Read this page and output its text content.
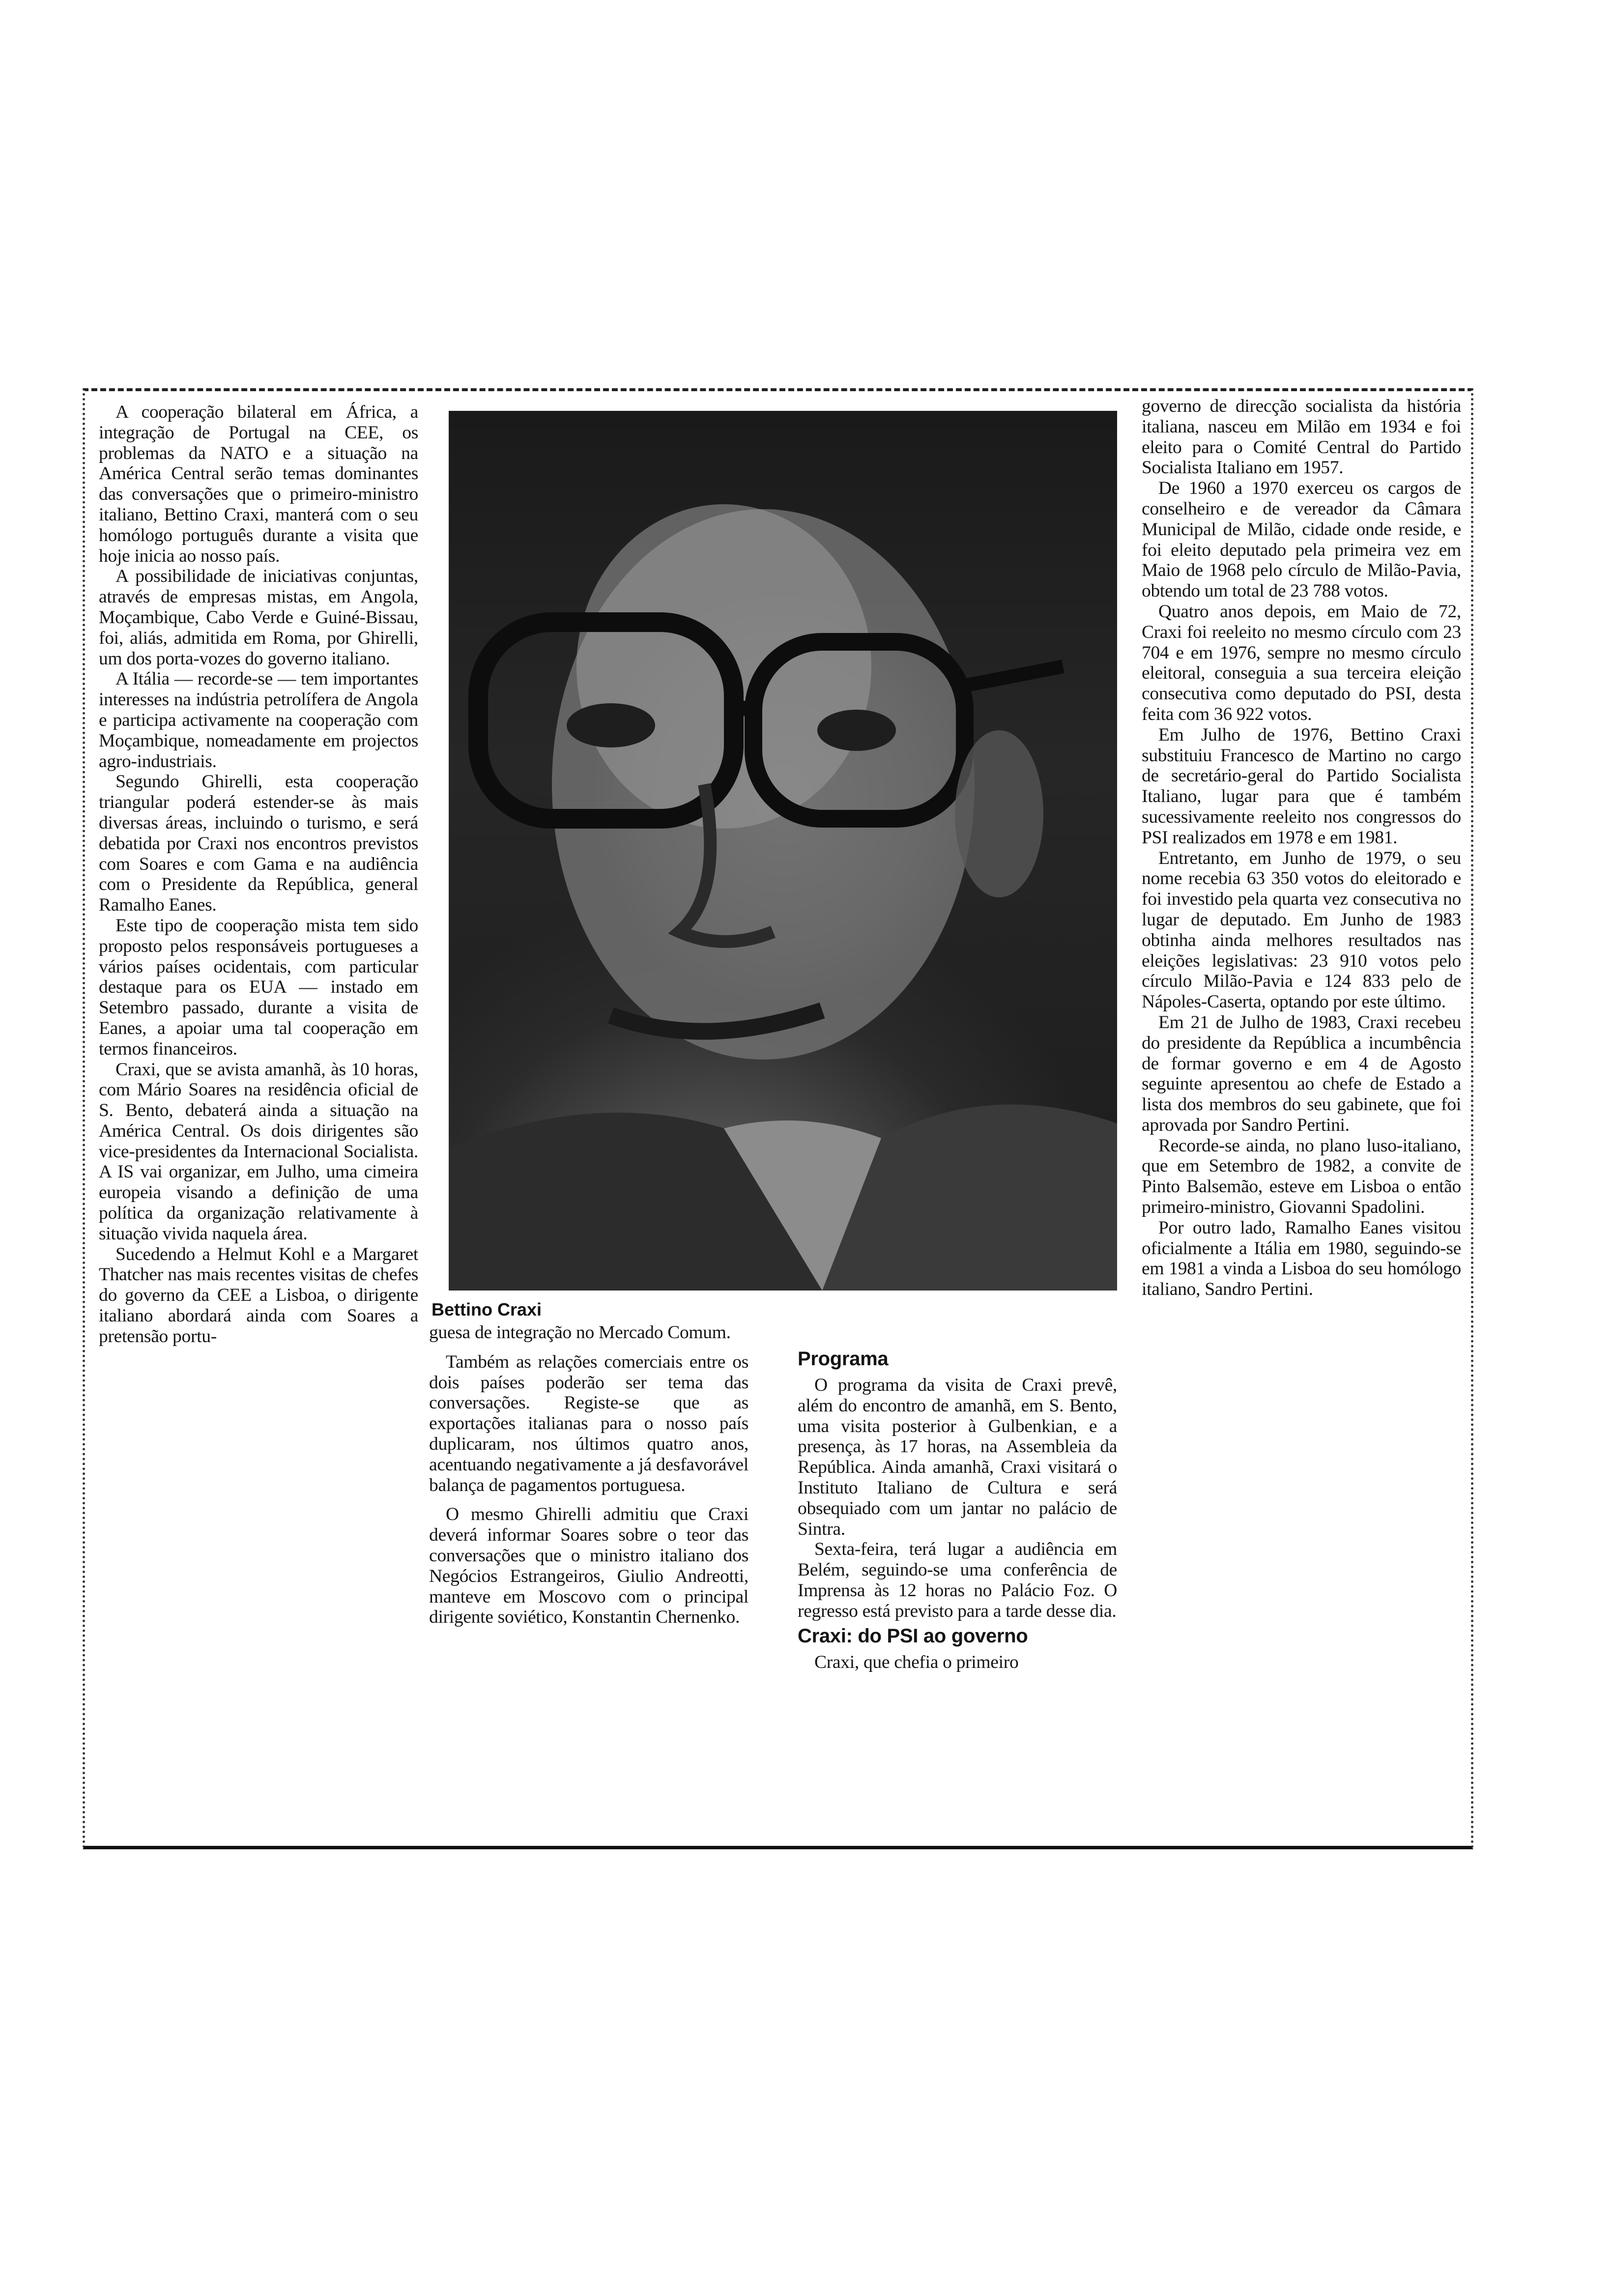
A cooperação bilateral em África, a integração de Portugal na CEE, os problemas da NATO e a situação na América Central serão temas dominantes das conversações que o primeiro-ministro italiano, Bettino Craxi, manterá com o seu homólogo português durante a visita que hoje inicia ao nosso país.

A possibilidade de iniciativas conjuntas, através de empresas mistas, em Angola, Moçambique, Cabo Verde e Guiné-Bissau, foi, aliás, admitida em Roma, por Ghirelli, um dos porta-vozes do governo italiano.

A Itália — recorde-se — tem importantes interesses na indústria petrolífera de Angola e participa activamente na cooperação com Moçambique, nomeadamente em projectos agro-industriais.

Segundo Ghirelli, esta cooperação triangular poderá estender-se às mais diversas áreas, incluindo o turismo, e será debatida por Craxi nos encontros previstos com Soares e com Gama e na audiência com o Presidente da República, general Ramalho Eanes.

Este tipo de cooperação mista tem sido proposto pelos responsáveis portugueses a vários países ocidentais, com particular destaque para os EUA — instado em Setembro passado, durante a visita de Eanes, a apoiar uma tal cooperação em termos financeiros.

Craxi, que se avista amanhã, às 10 horas, com Mário Soares na residência oficial de S. Bento, debaterá ainda a situação na América Central. Os dois dirigentes são vice-presidentes da Internacional Socialista. A IS vai organizar, em Julho, uma cimeira europeia visando a definição de uma política da organização relativamente à situação vivida naquela área.

Sucedendo a Helmut Kohl e a Margaret Thatcher nas mais recentes visitas de chefes do governo da CEE a Lisboa, o dirigente italiano abordará ainda com Soares a pretensão portu-

Bettino Craxi

guesa de integração no Mercado Comum.

Também as relações comerciais entre os dois países poderão ser tema das conversações. Registe-se que as exportações italianas para o nosso país duplicaram, nos últimos quatro anos, acentuando negativamente a já desfavorável balança de pagamentos portuguesa.

O mesmo Ghirelli admitiu que Craxi deverá informar Soares sobre o teor das conversações que o ministro italiano dos Negócios Estrangeiros, Giulio Andreotti, manteve em Moscovo com o principal dirigente soviético, Konstantin Chernenko.

Programa

O programa da visita de Craxi prevê, além do encontro de amanhã, em S. Bento, uma visita posterior à Gulbenkian, e a presença, às 17 horas, na Assembleia da República. Ainda amanhã, Craxi visitará o Instituto Italiano de Cultura e será obsequiado com um jantar no palácio de Sintra.

Sexta-feira, terá lugar a audiência em Belém, seguindo-se uma conferência de Imprensa às 12 horas no Palácio Foz. O regresso está previsto para a tarde desse dia.

Craxi: do PSI ao governo

Craxi, que chefia o primeiro

governo de direcção socialista da história italiana, nasceu em Milão em 1934 e foi eleito para o Comité Central do Partido Socialista Italiano em 1957.

De 1960 a 1970 exerceu os cargos de conselheiro e de vereador da Câmara Municipal de Milão, cidade onde reside, e foi eleito deputado pela primeira vez em Maio de 1968 pelo círculo de Milão-Pavia, obtendo um total de 23 788 votos.

Quatro anos depois, em Maio de 72, Craxi foi reeleito no mesmo círculo com 23 704 e em 1976, sempre no mesmo círculo eleitoral, conseguia a sua terceira eleição consecutiva como deputado do PSI, desta feita com 36 922 votos.

Em Julho de 1976, Bettino Craxi substituiu Francesco de Martino no cargo de secretário-geral do Partido Socialista Italiano, lugar para que é também sucessivamente reeleito nos congressos do PSI realizados em 1978 e em 1981.

Entretanto, em Junho de 1979, o seu nome recebia 63 350 votos do eleitorado e foi investido pela quarta vez consecutiva no lugar de deputado. Em Junho de 1983 obtinha ainda melhores resultados nas eleições legislativas: 23 910 votos pelo círculo Milão-Pavia e 124 833 pelo de Nápoles-Caserta, optando por este último.

Em 21 de Julho de 1983, Craxi recebeu do presidente da República a incumbência de formar governo e em 4 de Agosto seguinte apresentou ao chefe de Estado a lista dos membros do seu gabinete, que foi aprovada por Sandro Pertini.

Recorde-se ainda, no plano luso-italiano, que em Setembro de 1982, a convite de Pinto Balsemão, esteve em Lisboa o então primeiro-ministro, Giovanni Spadolini.

Por outro lado, Ramalho Eanes visitou oficialmente a Itália em 1980, seguindo-se em 1981 a vinda a Lisboa do seu homólogo italiano, Sandro Pertini.
